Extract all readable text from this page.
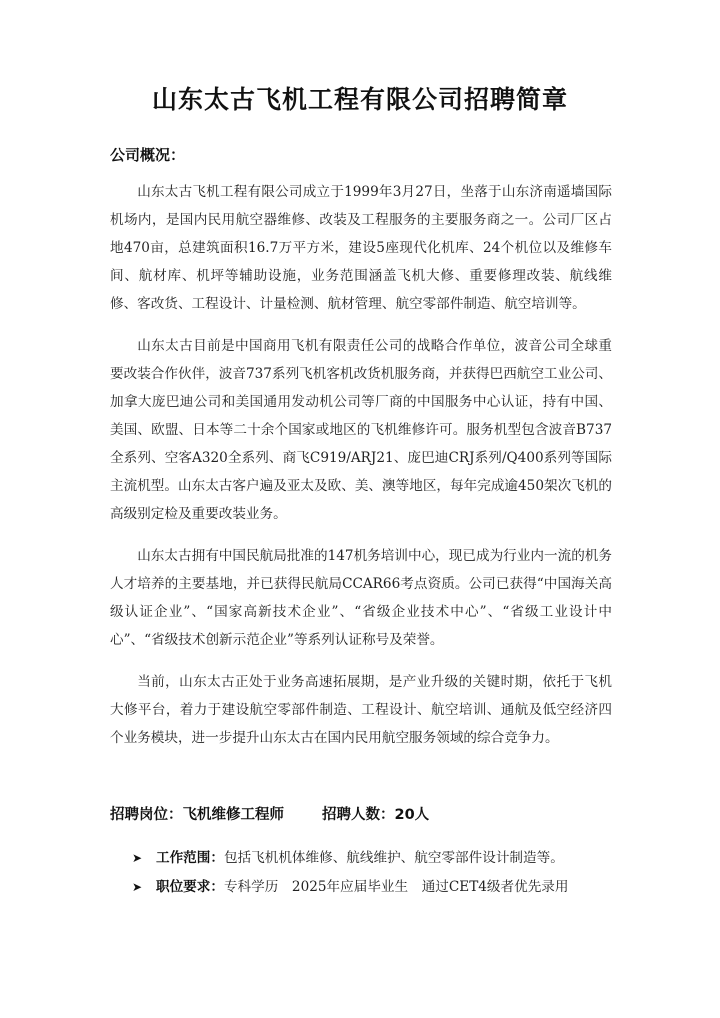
山东太古飞机工程有限公司招聘简章
公司概况：

山东太古飞机工程有限公司成立于1999年3月27日，坐落于山东济南遥墙国际机场内，是国内民用航空器维修、改装及工程服务的主要服务商之一。公司厂区占地470亩，总建筑面积16.7万平方米，建设5座现代化机库、24个机位以及维修车间、航材库、机坪等辅助设施，业务范围涵盖飞机大修、重要修理改装、航线维修、客改货、工程设计、计量检测、航材管理、航空零部件制造、航空培训等。

山东太古目前是中国商用飞机有限责任公司的战略合作单位，波音公司全球重要改装合作伙伴，波音737系列飞机客机改货机服务商，并获得巴西航空工业公司、加拿大庞巴迪公司和美国通用发动机公司等厂商的中国服务中心认证，持有中国、美国、欧盟、日本等二十余个国家或地区的飞机维修许可。服务机型包含波音B737全系列、空客A320全系列、商飞C919/ARJ21、庞巴迪CRJ系列/Q400系列等国际主流机型。山东太古客户遍及亚太及欧、美、澳等地区，每年完成逾450架次飞机的高级别定检及重要改装业务。

山东太古拥有中国民航局批准的147机务培训中心，现已成为行业内一流的机务人才培养的主要基地，并已获得民航局CCAR66考点资质。公司已获得“中国海关高级认证企业”、“国家高新技术企业”、“省级企业技术中心”、“省级工业设计中心”、“省级技术创新示范企业”等系列认证称号及荣誉。

当前，山东太古正处于业务高速拓展期，是产业升级的关键时期，依托于飞机大修平台，着力于建设航空零部件制造、工程设计、航空培训、通航及低空经济四个业务模块，进一步提升山东太古在国内民用航空服务领域的综合竞争力。

招聘岗位：飞机维修工程师	招聘人数：20人
➤ 工作范围：包括飞机机体维修、航线维护、航空零部件设计制造等。
➤ 职位要求：专科学历　2025年应届毕业生　通过CET4级者优先录用
